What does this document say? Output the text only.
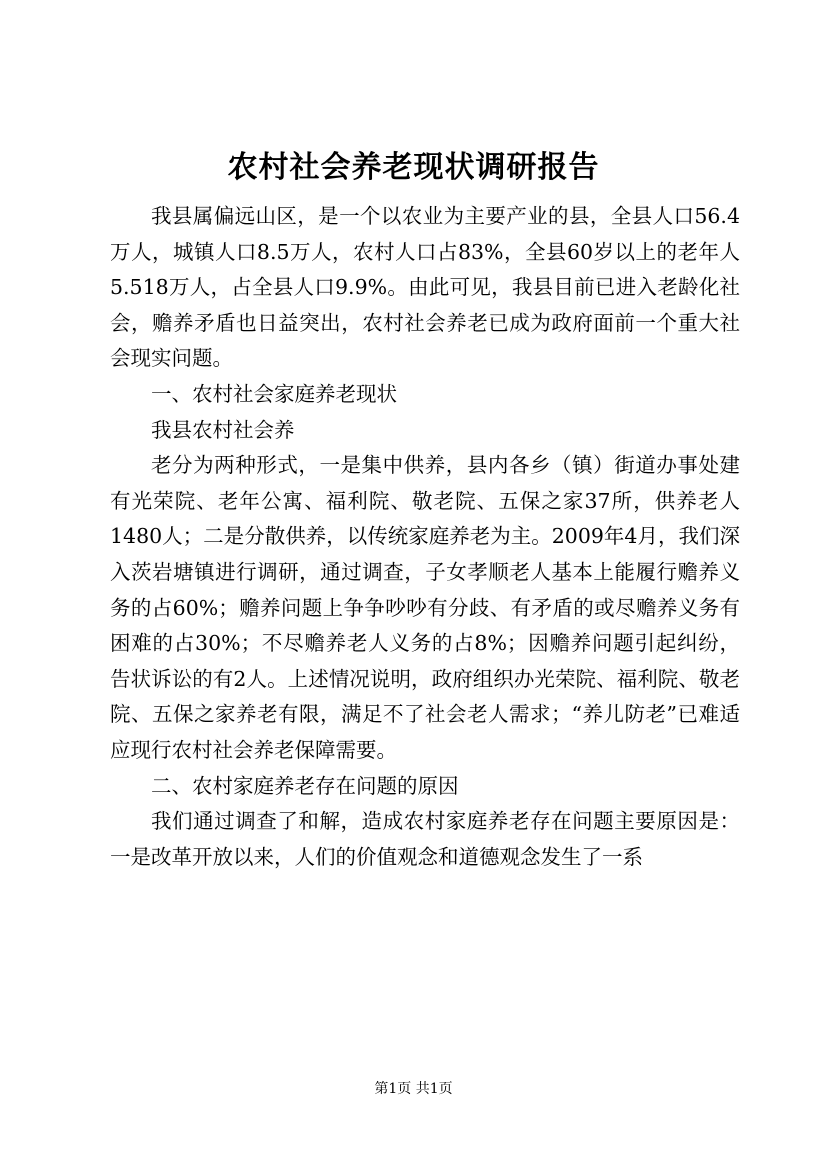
农村社会养老现状调研报告

我县属偏远山区，是一个以农业为主要产业的县，全县人口56.4万人，城镇人口8.5万人，农村人口占83%，全县60岁以上的老年人5.518万人，占全县人口9.9%。由此可见，我县目前已进入老龄化社会，赡养矛盾也日益突出，农村社会养老已成为政府面前一个重大社会现实问题。

一、农村社会家庭养老现状

我县农村社会养

老分为两种形式，一是集中供养，县内各乡（镇）街道办事处建有光荣院、老年公寓、福利院、敬老院、五保之家37所，供养老人1480人；二是分散供养，以传统家庭养老为主。2009年4月，我们深入茨岩塘镇进行调研，通过调查，子女孝顺老人基本上能履行赡养义务的占60%；赡养问题上争争吵吵有分歧、有矛盾的或尽赡养义务有困难的占30%；不尽赡养老人义务的占8%；因赡养问题引起纠纷，告状诉讼的有2人。上述情况说明，政府组织办光荣院、福利院、敬老院、五保之家养老有限，满足不了社会老人需求；“养儿防老”已难适应现行农村社会养老保障需要。

二、农村家庭养老存在问题的原因

我们通过调查了和解，造成农村家庭养老存在问题主要原因是：一是改革开放以来，人们的价值观念和道德观念发生了一系

第1页 共1页
